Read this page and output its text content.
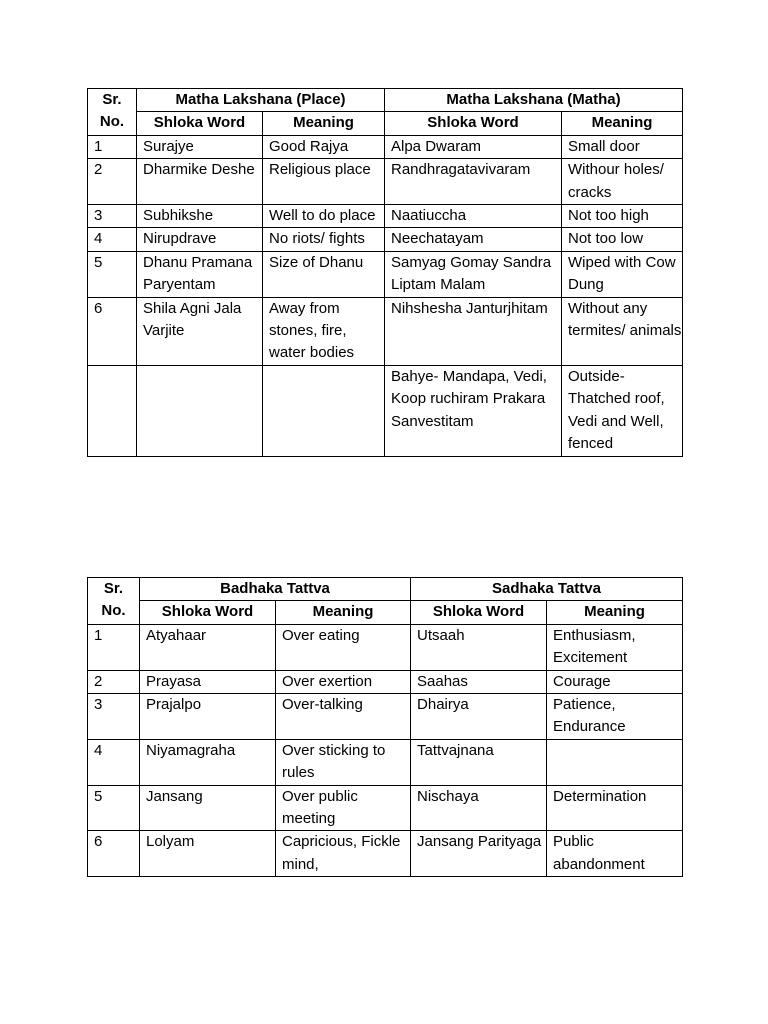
Sr.
No.	Matha Lakshana (Place)		Matha Lakshana (Matha)	
	Shloka Word	Meaning	Shloka Word	Meaning
1	Surajye	Good Rajya	Alpa Dwaram	Small door
2	Dharmike Deshe	Religious place	Randhragatavivaram	Withour holes/ cracks
3	Subhikshe	Well to do place	Naatiuccha	Not too high
4	Nirupdrave	No riots/ fights	Neechatayam	Not too low
5	Dhanu Pramana Paryentam	Size of Dhanu	Samyag Gomay Sandra Liptam Malam	Wiped with Cow Dung
6	Shila Agni Jala Varjite	Away from stones, fire, water bodies	Nihshesha Janturjhitam	Without any termites/ animals
			Bahye- Mandapa, Vedi, Koop ruchiram Prakara Sanvestitam	Outside- Thatched roof, Vedi and Well, fenced
Sr.
No.	Badhaka Tattva		Sadhaka Tattva	
	Shloka Word	Meaning	Shloka Word	Meaning
1	Atyahaar	Over eating	Utsaah	Enthusiasm, Excitement
2	Prayasa	Over exertion	Saahas	Courage
3	Prajalpo	Over-talking	Dhairya	Patience, Endurance
4	Niyamagraha	Over sticking to rules	Tattvajnana	
5	Jansang	Over public meeting	Nischaya	Determination
6	Lolyam	Capricious, Fickle mind,	Jansang Parityaga	Public abandonment
